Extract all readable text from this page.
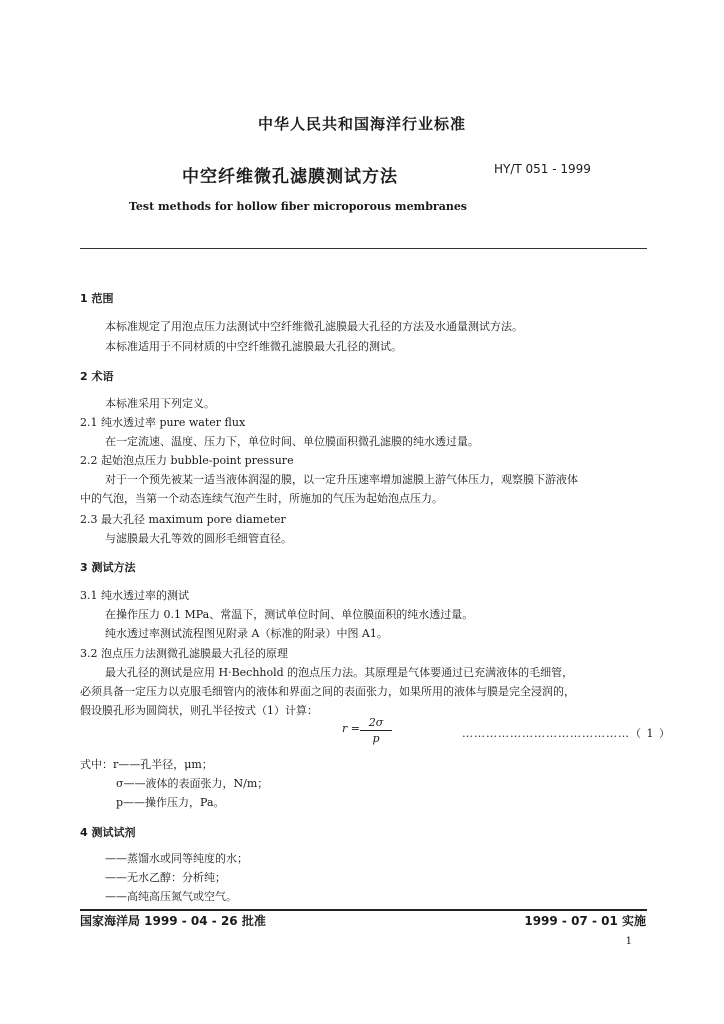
中华人民共和国海洋行业标准
中空纤维微孔滤膜测试方法	HY/T 051 - 1999
Test methods for hollow fiber microporous membranes
1 范围
本标准规定了用泡点压力法测试中空纤维微孔滤膜最大孔径的方法及水通量测试方法。
本标准适用于不同材质的中空纤维微孔滤膜最大孔径的测试。
2 术语
本标准采用下列定义。
2.1 纯水透过率 pure water flux
在一定流速、温度、压力下，单位时间、单位膜面积微孔滤膜的纯水透过量。
2.2 起始泡点压力 bubble-point pressure
对于一个预先被某一适当液体润湿的膜，以一定升压速率增加滤膜上游气体压力，观察膜下游液体
中的气泡，当第一个动态连续气泡产生时，所施加的气压为起始泡点压力。
2.3 最大孔径 maximum pore diameter
与滤膜最大孔等效的圆形毛细管直径。
3 测试方法
3.1 纯水透过率的测试
在操作压力 0.1 MPa、常温下，测试单位时间、单位膜面积的纯水透过量。
纯水透过率测试流程图见附录 A（标准的附录）中图 A1。
3.2 泡点压力法测微孔滤膜最大孔径的原理
最大孔径的测试是应用 H·Bechhold 的泡点压力法。其原理是气体要通过已充满液体的毛细管，
必须具备一定压力以克服毛细管内的液体和界面之间的表面张力，如果所用的液体与膜是完全浸润的，
假设膜孔形为圆筒状，则孔半径按式（1）计算：
$r = \frac{2\sigma}{p}$	……………………………………（ 1 ）
式中：r——孔半径，μm；
σ——液体的表面张力，N/m；
p——操作压力，Pa。
4 测试试剂
——蒸馏水或同等纯度的水；
——无水乙醇：分析纯；
——高纯高压氮气或空气。
国家海洋局 1999 - 04 - 26 批准	1999 - 07 - 01 实施
1
